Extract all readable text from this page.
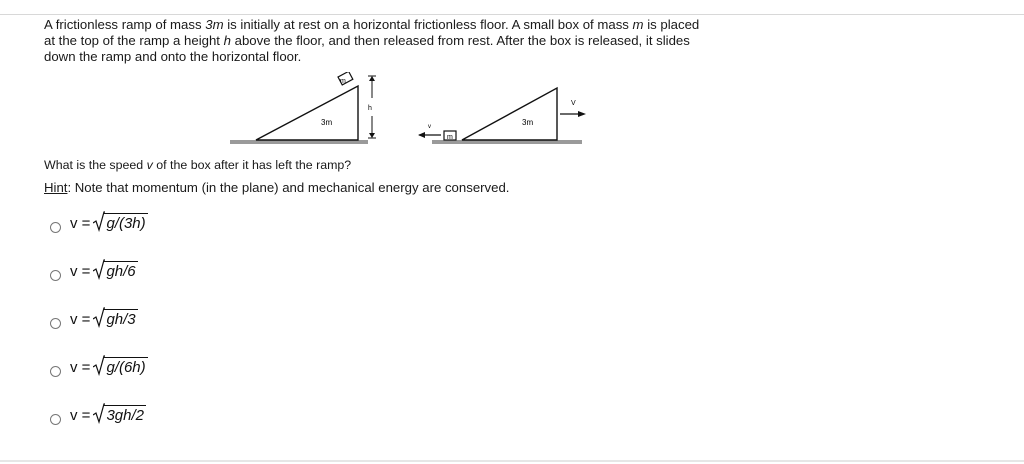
A frictionless ramp of mass 3m is initially at rest on a horizontal frictionless floor. A small box of mass m is placed

at the top of the ramp a height h above the floor, and then released from rest. After the box is released, it slides

down the ramp and onto the horizontal floor.

m
3m
h
3m
m
v
V
What is the speed v of the box after it has left the ramp?
Hint: Note that momentum (in the plane) and mechanical energy are conserved.
v = g/(3h)
v = gh/6
v = gh/3
v = g/(6h)
v = 3gh/2
